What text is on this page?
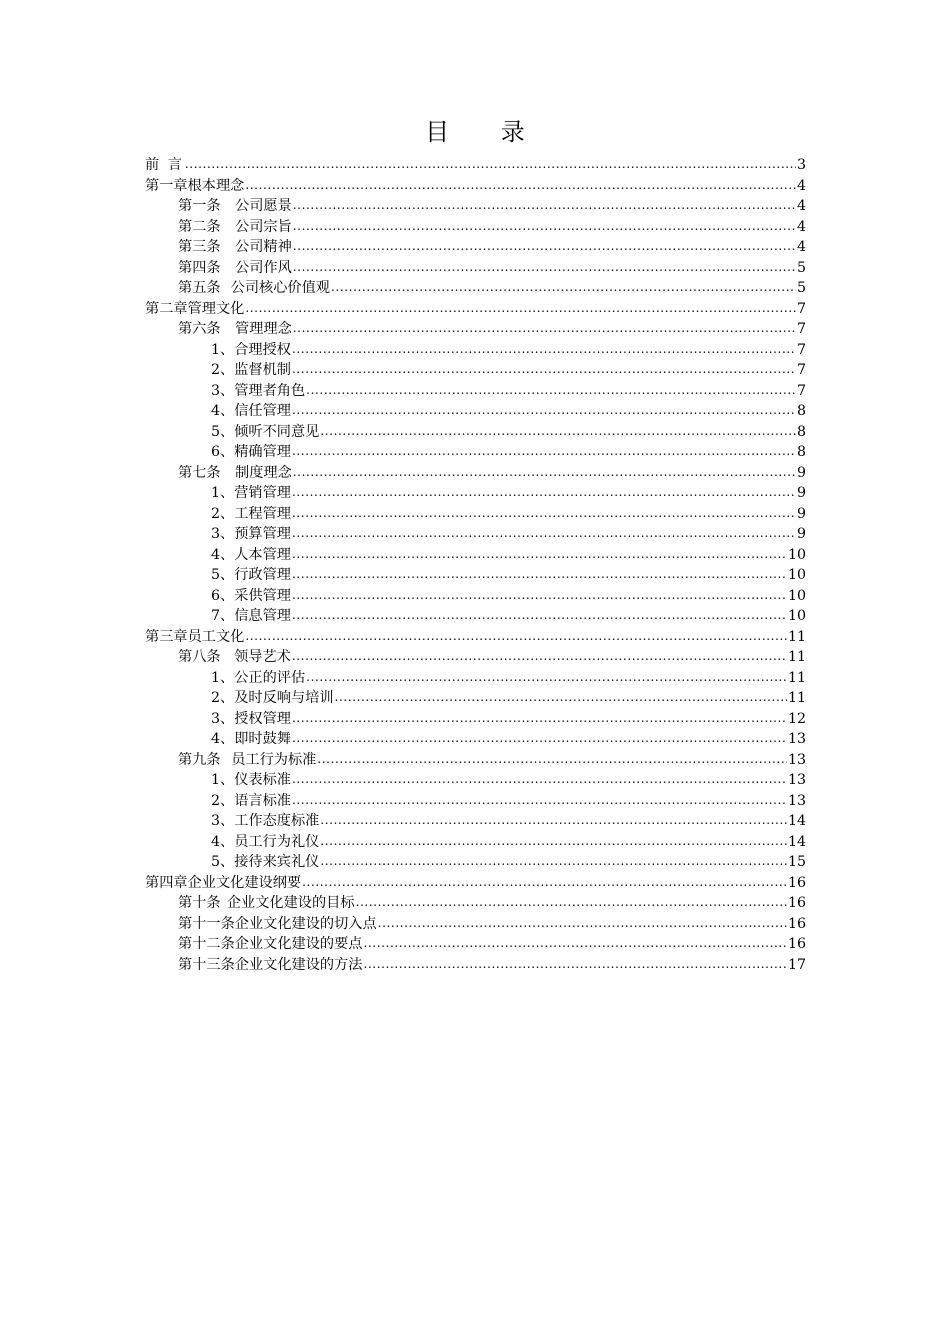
目 录
前 言 .....	3
第一章 根本理念 .....	4
第一条	公司愿景 .....	4
第二条	公司宗旨 .....	4
第三条	公司精神 .....	4
第四条	公司作风 .....	5
第五条 公司核心价值观 .....	5
第二章 管理文化 .....	7
第六条	管理理念 .....	7
1、合理授权 .....	7
2、监督机制 .....	7
3、管理者角色 .....	7
4、信任管理 .....	8
5、倾听不同意见 .....	8
6、精确管理 .....	8
第七条	制度理念 .....	9
1、营销管理 .....	9
2、工程管理 .....	9
3、预算管理 .....	9
4、人本管理 .....	10
5、行政管理 .....	10
6、采供管理 .....	10
7、信息管理 .....	10
第三章 员工文化 .....	11
第八条 领导艺术 .....	11
1、公正的评估 .....	11
2、及时反响与培训 .....	11
3、授权管理 .....	12
4、即时鼓舞 .....	13
第九条 员工行为标准 .....	13
1、仪表标准 .....	13
2、语言标准 .....	13
3、工作态度标准 .....	14
4、员工行为礼仪 .....	14
5、接待来宾礼仪 .....	15
第四章 企业文化建设纲要 .....	16
第十条 企业文化建设的目标 .....	16
第十一条 企业文化建设的切入点 .....	16
第十二条 企业文化建设的要点 .....	16
第十三条 企业文化建设的方法 .....	17
